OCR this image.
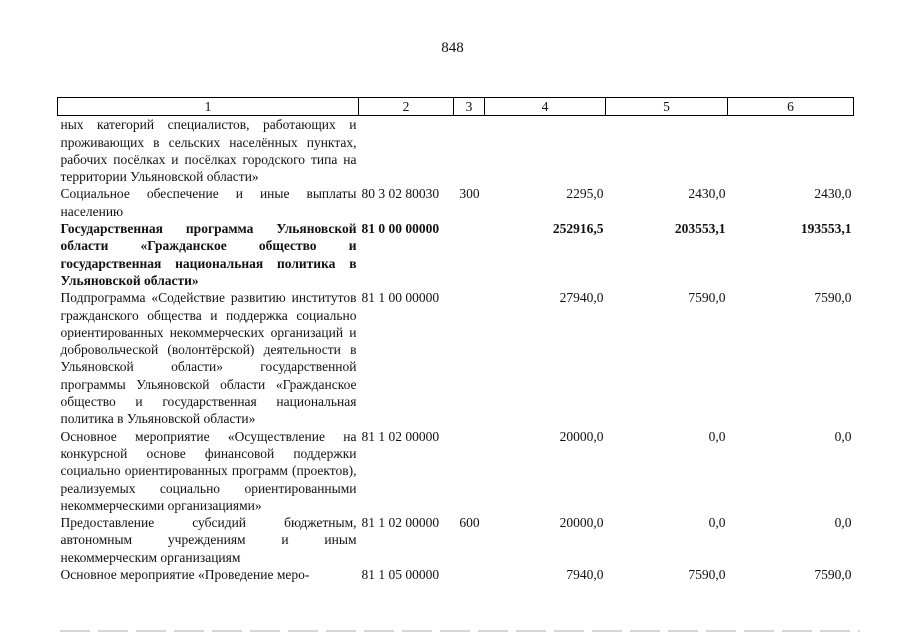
848
1	2	3	4	5	6
ных категорий специалистов, работающих и проживающих в сельских населённых пунктах, рабочих посёлках и посёлках городского типа на территории Ульяновской области»					
Социальное обеспечение и иные выплаты населению	80 3 02 80030	300	2295,0	2430,0	2430,0
Государственная программа Ульяновской области «Гражданское общество и государственная национальная политика в Ульяновской области»	81 0 00 00000		252916,5	203553,1	193553,1
Подпрограмма «Содействие развитию институтов гражданского общества и поддержка социально ориентированных некоммерческих организаций и добровольческой (волонтёрской) деятельности в Ульяновской области» государственной программы Ульяновской области «Гражданское общество и государственная национальная политика в Ульяновской области»	81 1 00 00000		27940,0	7590,0	7590,0
Основное мероприятие «Осуществление на конкурсной основе финансовой поддержки социально ориентированных программ (проектов), реализуемых социально ориентированными некоммерческими организациями»	81 1 02 00000		20000,0	0,0	0,0
Предоставление субсидий бюджетным, автономным учреждениям и иным некоммерческим организациям	81 1 02 00000	600	20000,0	0,0	0,0
Основное мероприятие «Проведение меро-	81 1 05 00000		7940,0	7590,0	7590,0
